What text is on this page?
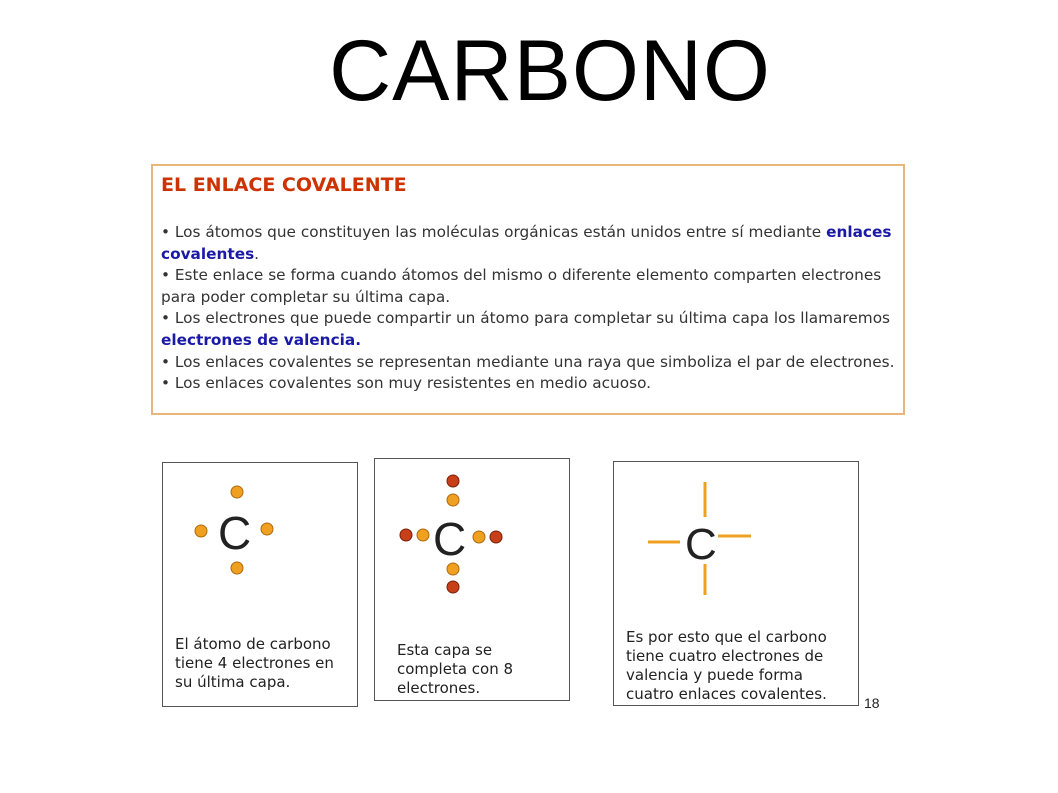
CARBONO
EL ENLACE COVALENTE
• Los átomos que constituyen las moléculas orgánicas están unidos entre sí mediante enlaces covalentes.
• Este enlace se forma cuando átomos del mismo o diferente elemento comparten electrones para poder completar su última capa.
• Los electrones que puede compartir un átomo para completar su última capa los llamaremos electrones de valencia.
• Los enlaces covalentes se representan mediante una raya que simboliza el par de electrones.
• Los enlaces covalentes son muy resistentes en medio acuoso.
C
El átomo de carbono
tiene 4 electrones en
su última capa.
C
Esta capa se
completa con 8
electrones.
C
Es por esto que el carbono
tiene cuatro electrones de
valencia y puede forma
cuatro enlaces covalentes.	18
